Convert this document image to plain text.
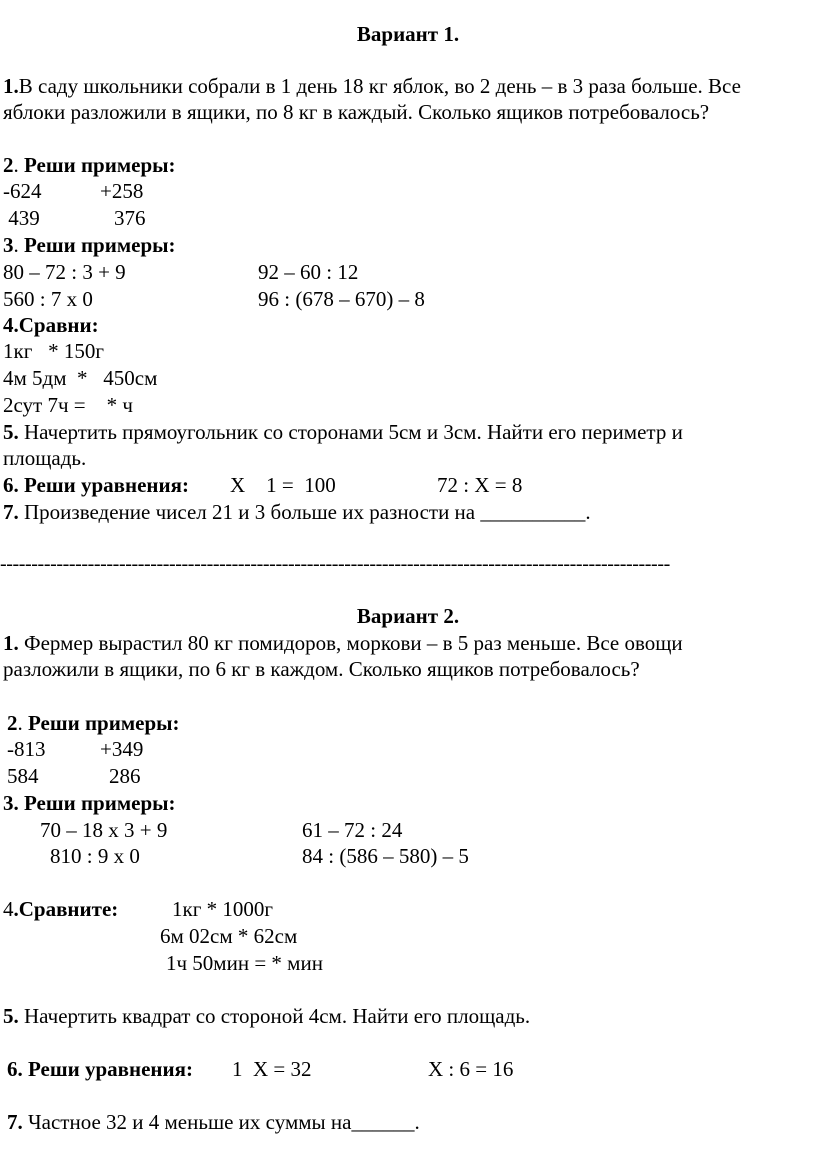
Вариант 1.
1.В саду школьники собрали в 1 день 18 кг яблок, во 2 день – в 3 раза больше. Все
яблоки разложили в ящики, по 8 кг в каждый. Сколько ящиков потребовалось?
2. Реши примеры:
-624	+258
439	376
3. Реши примеры:
80 – 72 : 3 + 9	92 – 60 : 12
560 : 7 х 0	96 : (678 – 670) – 8
4.Сравни:
1кг   * 150г
4м 5дм  *   450см
2сут 7ч =    * ч
5. Начертить прямоугольник со сторонами 5см и 3см. Найти его периметр и
площадь.
6. Реши уравнения: Х    1 =  100	72 : Х = 8
7. Произведение чисел 21 и 3 больше их разности на __________.
-----------------------------------------------------------------------------------------------------------
Вариант 2.
1. Фермер вырастил 80 кг помидоров, моркови – в 5 раз меньше. Все овощи
разложили в ящики, по 6 кг в каждом. Сколько ящиков потребовалось?
2. Реши примеры:
-813	+349
584	286
3. Реши примеры:
70 – 18 х 3 + 9	61 – 72 : 24
810 : 9 х 0	84 : (586 – 580) – 5
4.Сравните:	1кг * 1000г
6м 02см * 62см
1ч 50мин = * мин
5. Начертить квадрат со стороной 4см. Найти его площадь.
6. Реши уравнения: 1  Х = 32	Х : 6 = 16
7. Частное 32 и 4 меньше их суммы на______.
